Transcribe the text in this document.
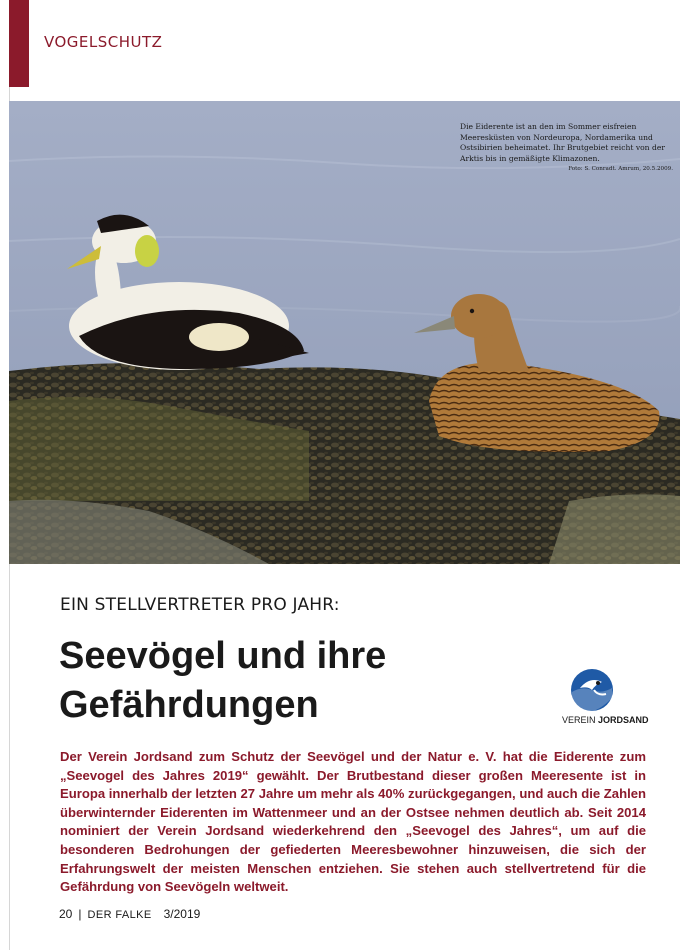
VOGELSCHUTZ
Die Eiderente ist an den im Sommer eisfreien Meeresküsten von Nordeuropa, Nordamerika und Ostsibirien beheimatet. Ihr Brutgebiet reicht von der Arktis bis in gemäßigte Klimazonen.
Foto: S. Conradt. Amrum, 20.5.2009.
EIN STELLVERTRETER PRO JAHR:
Seevögel und ihre
Gefährdungen	VEREIN JORDSAND
Der Verein Jordsand zum Schutz der Seevögel und der Natur e. V. hat die Eiderente zum „Seevogel des Jahres 2019“ gewählt. Der Brutbestand dieser großen Meeresente ist in Europa innerhalb der letzten 27 Jahre um mehr als 40% zurückgegangen, und auch die Zahlen überwinternder Eiderenten im Wattenmeer und an der Ostsee nehmen deutlich ab. Seit 2014 nominiert der Verein Jordsand wiederkehrend den „Seevogel des Jahres“, um auf die besonderen Bedrohungen der gefiederten Meeresbewohner hinzuweisen, die sich der Erfahrungswelt der meisten Menschen entziehen. Sie stehen auch stellvertretend für die Gefährdung von Seevögeln weltweit.
20 | DER FALKE 3/2019
